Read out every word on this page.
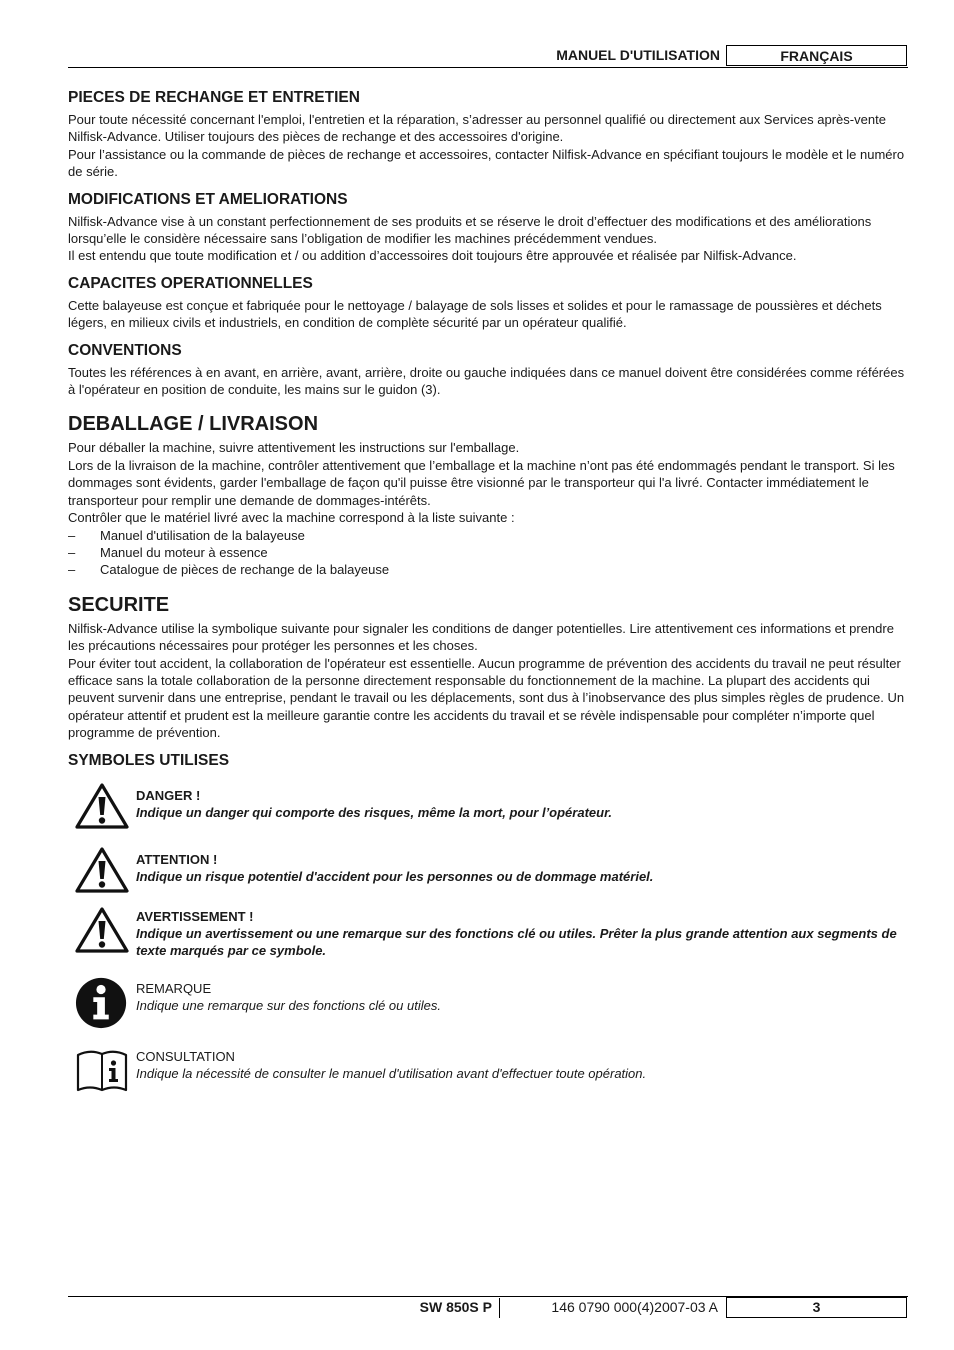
MANUEL D'UTILISATION	FRANÇAIS
PIECES DE RECHANGE ET ENTRETIEN

Pour toute nécessité concernant l'emploi, l'entretien et la réparation, s’adresser au personnel qualifié ou directement aux Services après-vente Nilfisk-Advance. Utiliser toujours des pièces de rechange et des accessoires d'origine.

Pour l’assistance ou la commande de pièces de rechange et accessoires, contacter Nilfisk-Advance en spécifiant toujours le modèle et le numéro de série.

MODIFICATIONS ET AMELIORATIONS

Nilfisk-Advance vise à un constant perfectionnement de ses produits et se réserve le droit d’effectuer des modifications et des améliorations lorsqu’elle le considère nécessaire sans l’obligation de modifier les machines précédemment vendues.

Il est entendu que toute modification et / ou addition d’accessoires doit toujours être approuvée et réalisée par Nilfisk-Advance.

CAPACITES OPERATIONNELLES

Cette balayeuse est conçue et fabriquée pour le nettoyage / balayage de sols lisses et solides et pour le ramassage de poussières et déchets légers, en milieux civils et industriels, en condition de complète sécurité par un opérateur qualifié.

CONVENTIONS

Toutes les références à en avant, en arrière, avant, arrière, droite ou gauche indiquées dans ce manuel doivent être considérées comme référées à l'opérateur en position de conduite, les mains sur le guidon (3).

DEBALLAGE / LIVRAISON

Pour déballer la machine, suivre attentivement les instructions sur l'emballage.

Lors de la livraison de la machine, contrôler attentivement que l’emballage et la machine n’ont pas été endommagés pendant le transport. Si les dommages sont évidents, garder l'emballage de façon qu'il puisse être visionné par le transporteur qui l'a livré. Contacter immédiatement le transporteur pour remplir une demande de dommages-intérêts.

Contrôler que le matériel livré avec la machine correspond à la liste suivante :

– Manuel d'utilisation de la balayeuse
– Manuel du moteur à essence
– Catalogue de pièces de rechange de la balayeuse
SECURITE

Nilfisk-Advance utilise la symbolique suivante pour signaler les conditions de danger potentielles. Lire attentivement ces informations et prendre les précautions nécessaires pour protéger les personnes et les choses.

Pour éviter tout accident, la collaboration de l'opérateur est essentielle. Aucun programme de prévention des accidents du travail ne peut résulter efficace sans la totale collaboration de la personne directement responsable du fonctionnement de la machine. La plupart des accidents qui peuvent survenir dans une entreprise, pendant le travail ou les déplacements, sont dus à l’inobservance des plus simples règles de prudence. Un opérateur attentif et prudent est la meilleure garantie contre les accidents du travail et se révèle indispensable pour compléter n’importe quel programme de prévention.

SYMBOLES UTILISES
DANGER !
Indique un danger qui comporte des risques, même la mort, pour l’opérateur.
ATTENTION !
Indique un risque potentiel d'accident pour les personnes ou de dommage matériel.
AVERTISSEMENT !
Indique un avertissement ou une remarque sur des fonctions clé ou utiles. Prêter la plus grande attention aux segments de texte marqués par ce symbole.
REMARQUE
Indique une remarque sur des fonctions clé ou utiles.
CONSULTATION
Indique la nécessité de consulter le manuel d'utilisation avant d'effectuer toute opération.
SW 850S P	146 0790 000(4)2007-03 A	3
